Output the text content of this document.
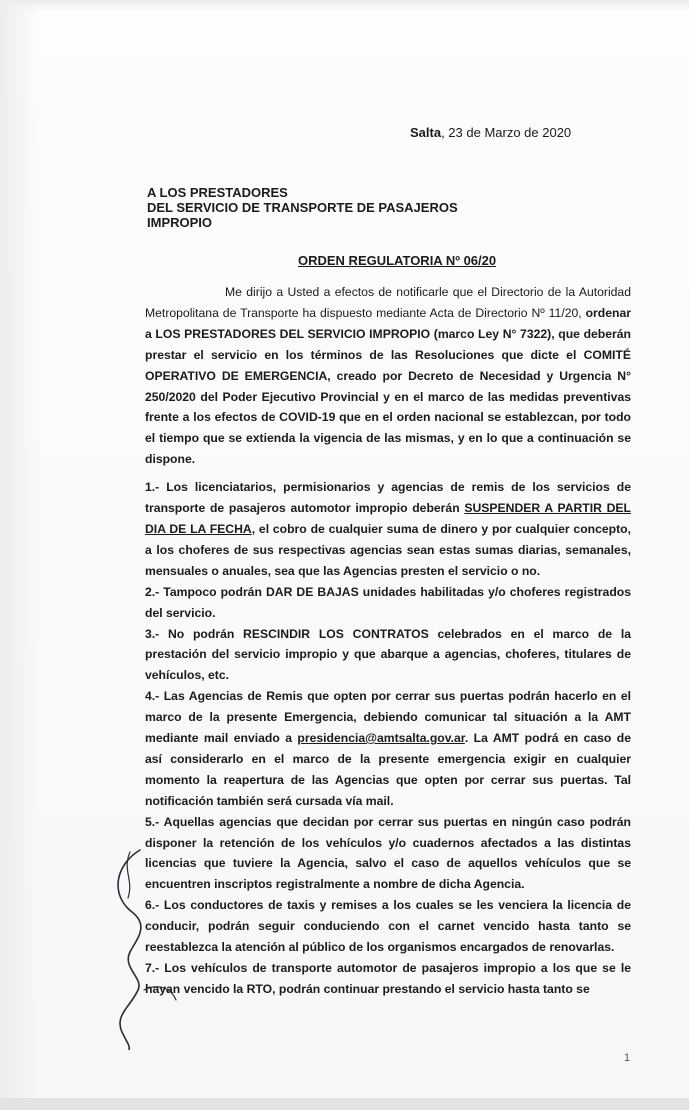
Salta, 23 de Marzo de 2020
A LOS PRESTADORES
DEL SERVICIO DE TRANSPORTE DE PASAJEROS
IMPROPIO
ORDEN REGULATORIA Nº 06/20

Me dirijo a Usted a efectos de notificarle que el Directorio de la Autoridad Metropolitana de Transporte ha dispuesto mediante Acta de Directorio Nº 11/20, ordenar a LOS PRESTADORES DEL SERVICIO IMPROPIO (marco Ley N° 7322), que deberán prestar el servicio en los términos de las Resoluciones que dicte el COMITÉ OPERATIVO DE EMERGENCIA, creado por Decreto de Necesidad y Urgencia N° 250/2020 del Poder Ejecutivo Provincial y en el marco de las medidas preventivas frente a los efectos de COVID-19 que en el orden nacional se establezcan, por todo el tiempo que se extienda la vigencia de las mismas, y en lo que a continuación se dispone.

1.- Los licenciatarios, permisionarios y agencias de remis de los servicios de transporte de pasajeros automotor impropio deberán SUSPENDER A PARTIR DEL DIA DE LA FECHA, el cobro de cualquier suma de dinero y por cualquier concepto, a los choferes de sus respectivas agencias sean estas sumas diarias, semanales, mensuales o anuales, sea que las Agencias presten el servicio o no.

2.- Tampoco podrán DAR DE BAJAS unidades habilitadas y/o choferes registrados del servicio.

3.- No podrán RESCINDIR LOS CONTRATOS celebrados en el marco de la prestación del servicio impropio y que abarque a agencias, choferes, titulares de vehículos, etc.

4.- Las Agencias de Remis que opten por cerrar sus puertas podrán hacerlo en el marco de la presente Emergencia, debiendo comunicar tal situación a la AMT mediante mail enviado a presidencia@amtsalta.gov.ar. La AMT podrá en caso de así considerarlo en el marco de la presente emergencia exigir en cualquier momento la reapertura de las Agencias que opten por cerrar sus puertas. Tal notificación también será cursada vía mail.

5.- Aquellas agencias que decidan por cerrar sus puertas en ningún caso podrán disponer la retención de los vehículos y/o cuadernos afectados a las distintas licencias que tuviere la Agencia, salvo el caso de aquellos vehículos que se encuentren inscriptos registralmente a nombre de dicha Agencia.

6.- Los conductores de taxis y remises a los cuales se les venciera la licencia de conducir, podrán seguir conduciendo con el carnet vencido hasta tanto se reestablezca la atención al público de los organismos encargados de renovarlas.

7.- Los vehículos de transporte automotor de pasajeros impropio a los que se le hayan vencido la RTO, podrán continuar prestando el servicio hasta tanto se

1
